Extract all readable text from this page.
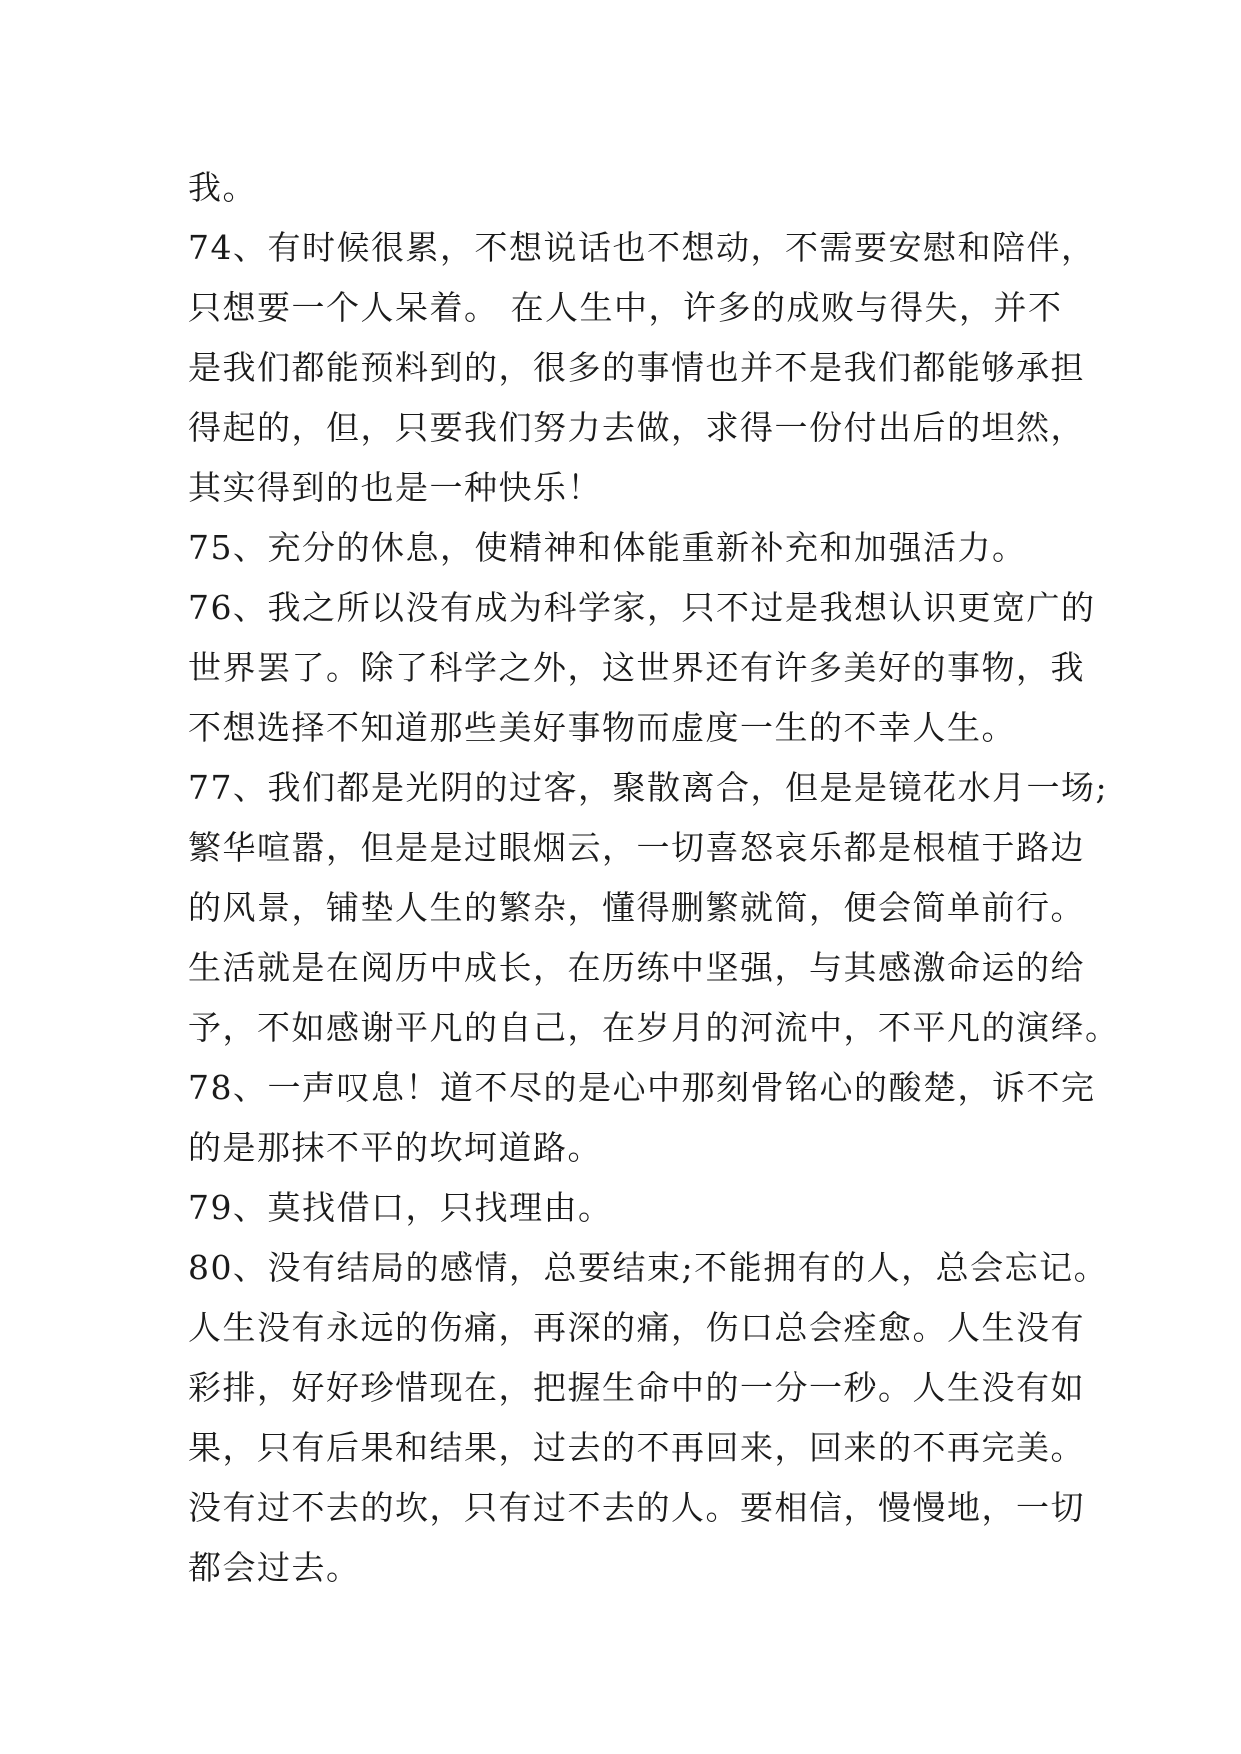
我。
74、有时候很累，不想说话也不想动，不需要安慰和陪伴，
只想要一个人呆着。 在人生中，许多的成败与得失，并不
是我们都能预料到的，很多的事情也并不是我们都能够承担
得起的，但，只要我们努力去做，求得一份付出后的坦然，
其实得到的也是一种快乐！
75、充分的休息，使精神和体能重新补充和加强活力。
76、我之所以没有成为科学家，只不过是我想认识更宽广的
世界罢了。除了科学之外，这世界还有许多美好的事物，我
不想选择不知道那些美好事物而虚度一生的不幸人生。
77、我们都是光阴的过客，聚散离合，但是是镜花水月一场;
繁华喧嚣，但是是过眼烟云，一切喜怒哀乐都是根植于路边
的风景，铺垫人生的繁杂，懂得删繁就简，便会简单前行。
生活就是在阅历中成长，在历练中坚强，与其感激命运的给
予，不如感谢平凡的自己，在岁月的河流中，不平凡的演绎。
78、一声叹息！道不尽的是心中那刻骨铭心的酸楚，诉不完
的是那抹不平的坎坷道路。
79、莫找借口，只找理由。
80、没有结局的感情，总要结束;不能拥有的人，总会忘记。
人生没有永远的伤痛，再深的痛，伤口总会痊愈。人生没有
彩排，好好珍惜现在，把握生命中的一分一秒。人生没有如
果，只有后果和结果，过去的不再回来，回来的不再完美。
没有过不去的坎，只有过不去的人。要相信，慢慢地，一切
都会过去。
